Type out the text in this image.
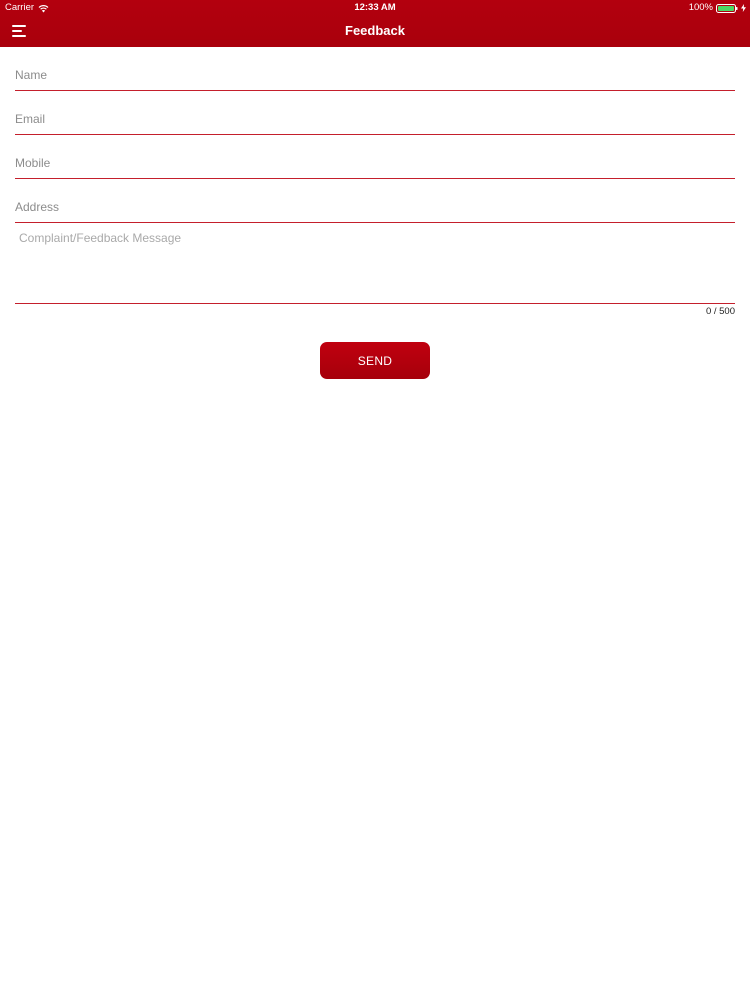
Carrier	12:33 AM	100%
Feedback
Name
Email
Mobile
Address
Complaint/Feedback Message
0 / 500
SEND
